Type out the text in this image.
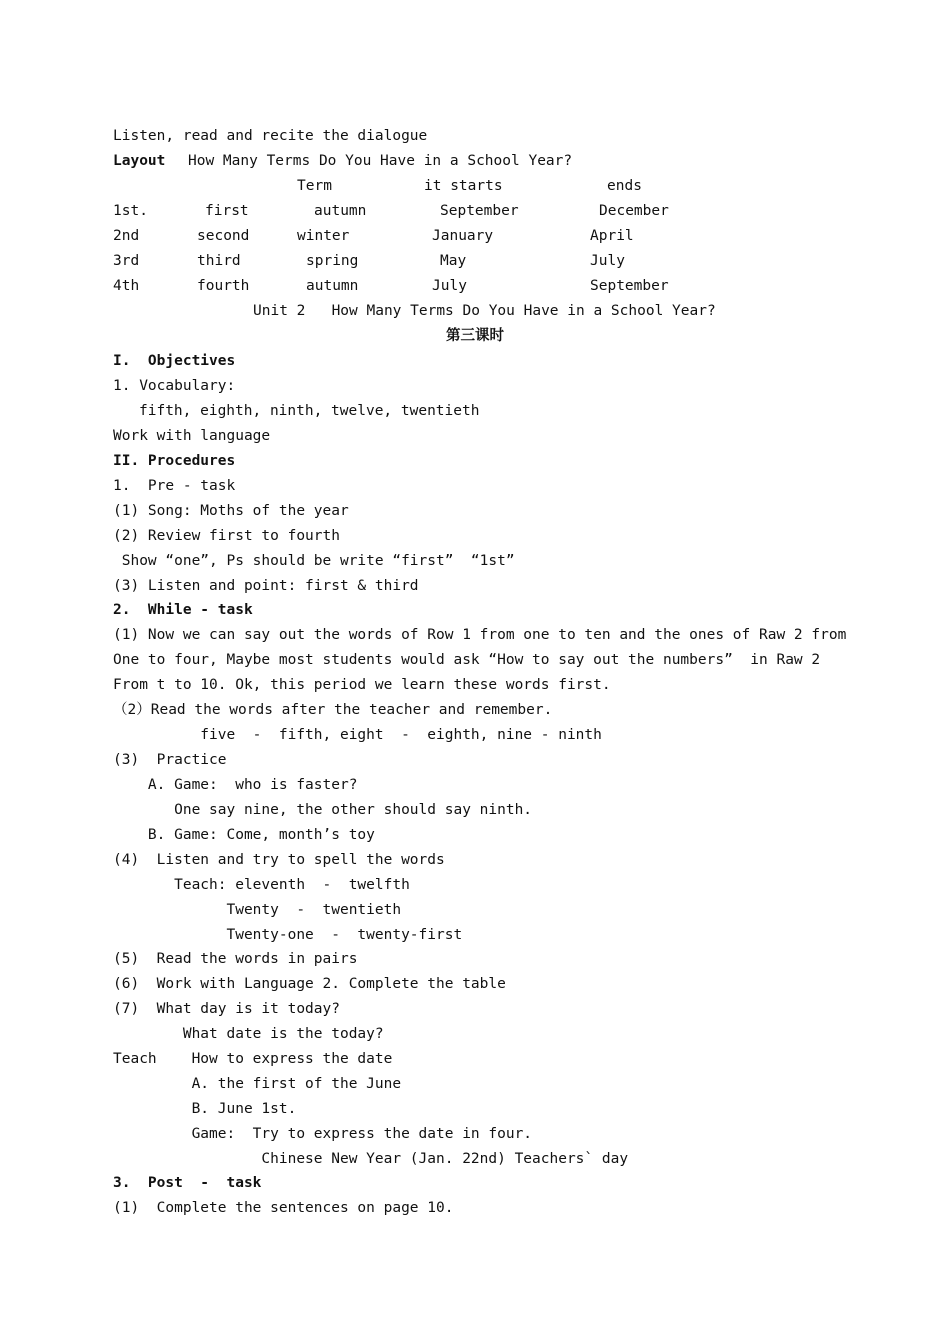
Listen, read and recite the dialogue
Layout How Many Terms Do You Have in a School Year?
Term	it starts	ends
1st.	first	autumn	September	December
2nd	second	winter	January	April
3rd	third	spring	May	July
4th	fourth	autumn	July	September
Unit 2   How Many Terms Do You Have in a School Year?
第三课时
I.  Objectives
1. Vocabulary:
fifth, eighth, ninth, twelve, twentieth
Work with language
II. Procedures
1.  Pre - task
(1) Song: Moths of the year
(2) Review first to fourth
Show “one”, Ps should be write “first”  “1st”
(3) Listen and point: first & third
2.  While - task
(1) Now we can say out the words of Row 1 from one to ten and the ones of Raw 2 from
One to four, Maybe most students would ask “How to say out the numbers”  in Raw 2
From t to 10. Ok, this period we learn these words first.
（2）Read the words after the teacher and remember.
five  -  fifth, eight  -  eighth, nine - ninth
(3)  Practice
A. Game:  who is faster?
One say nine, the other should say ninth.
B. Game: Come, month’s toy
(4)  Listen and try to spell the words
Teach: eleventh  -  twelfth
Twenty  -  twentieth
Twenty-one  -  twenty-first
(5)  Read the words in pairs
(6)  Work with Language 2. Complete the table
(7)  What day is it today?
What date is the today?
Teach    How to express the date
A. the first of the June
B. June 1st.
Game:  Try to express the date in four.
Chinese New Year (Jan. 22nd) Teachers` day
3.  Post  -  task
(1)  Complete the sentences on page 10.
